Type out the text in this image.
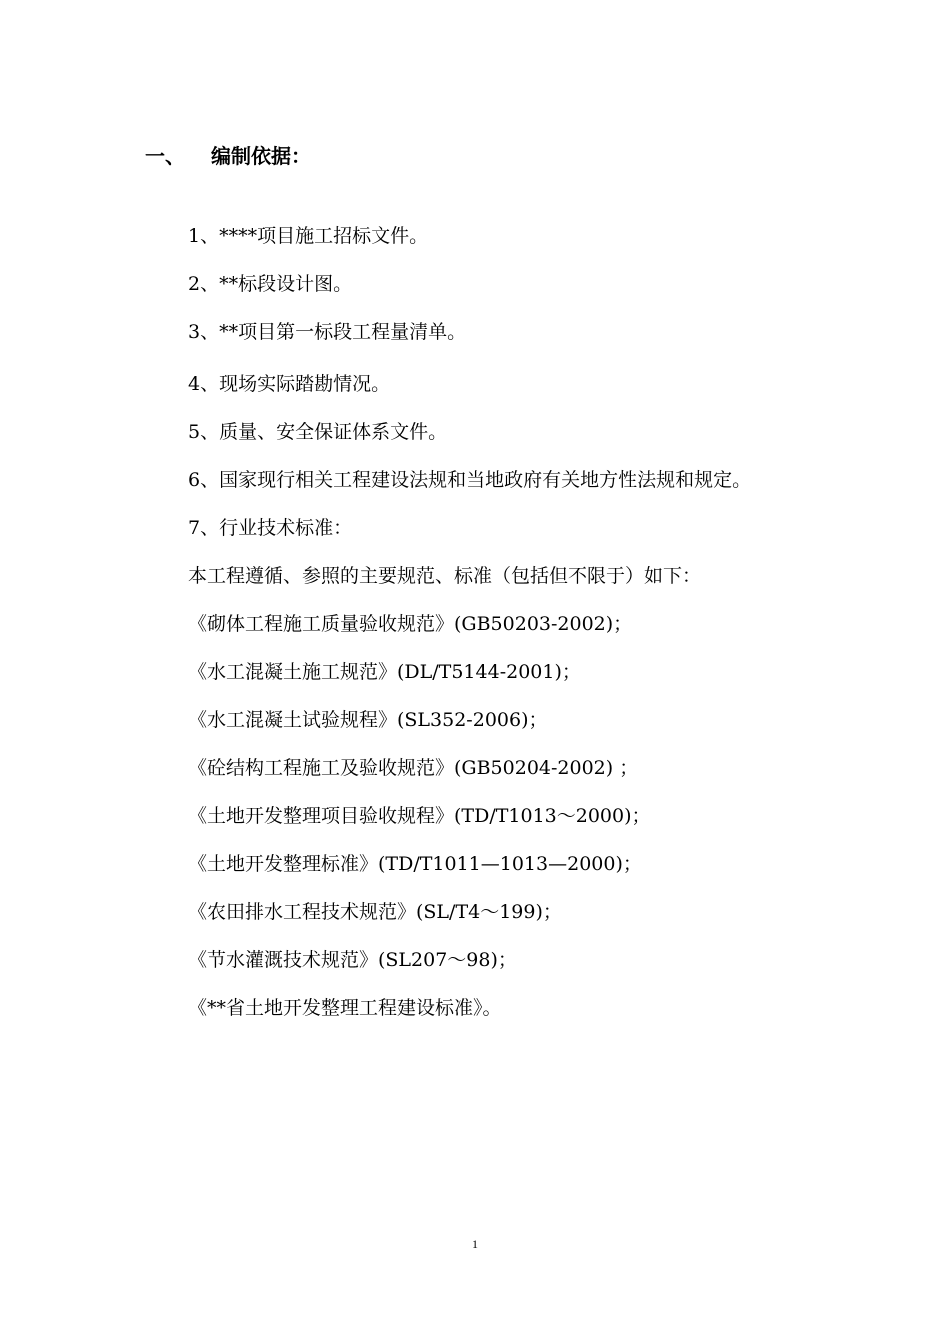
一、 编制依据：
1、****项目施工招标文件。
2、**标段设计图。
3、**项目第一标段工程量清单。
4、现场实际踏勘情况。
5、质量、安全保证体系文件。
6、国家现行相关工程建设法规和当地政府有关地方性法规和规定。
7、行业技术标准：
本工程遵循、参照的主要规范、标准（包括但不限于）如下：
《砌体工程施工质量验收规范》(GB50203-2002)；
《水工混凝土施工规范》(DL/T5144-2001)；
《水工混凝土试验规程》(SL352-2006)；
《砼结构工程施工及验收规范》(GB50204-2002) ；
《土地开发整理项目验收规程》(TD/T1013～2000)；
《土地开发整理标准》(TD/T1011—1013—2000)；
《农田排水工程技术规范》(SL/T4～199)；
《节水灌溉技术规范》(SL207～98)；
《**省土地开发整理工程建设标准》。
1
